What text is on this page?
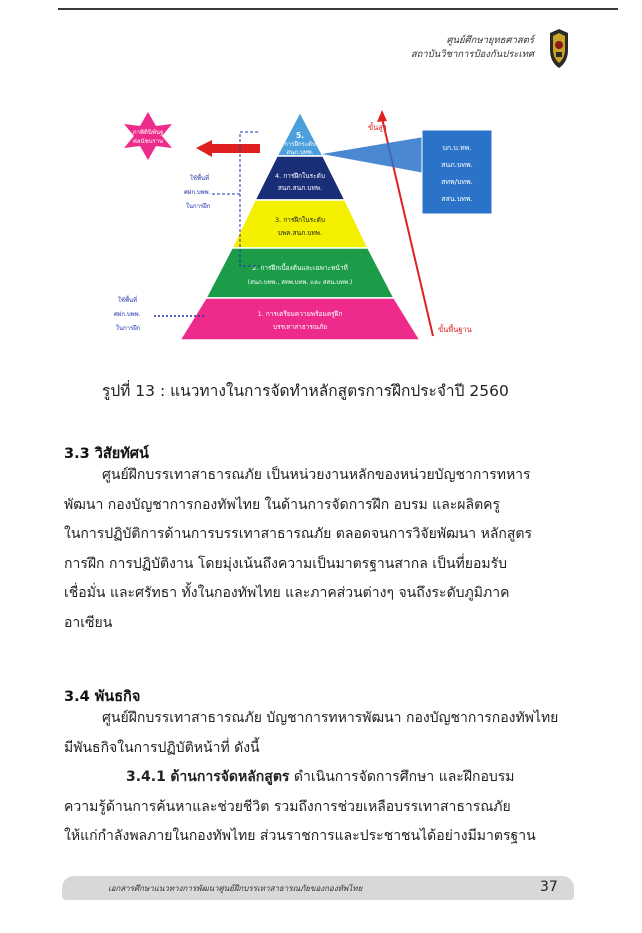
ศูนย์ศึกษายุทธศาสตร์
สถาบันวิชาการป้องกันประเทศ
5.
การฝึกระดับ
สนภ.บทพ.
4. การฝึกในระดับ
สนภ.สนภ.บทพ.
3. การฝึกในระดับ
บพค.สนภ.บทพ.
2. การฝึกเบื้องต้นและเฉพาะหน้าที่
(สนภ.บทพ., สทพ.บทพ. และ สสน.บทพ.)
1. การเตรียมความพร้อมครูฝึก
บรรเทาสาธารณภัย
ขั้นสูง
ขั้นพื้นฐาน
ภาพิดินิพ้นฐ
ค่อนัชบราษ
ใช้พื้นที่
ศฝก.บพพ.
ในการฝึก
ใช้พื้นที่
ศฝก.บพพ.
ในการฝึก
บก.บ.ทพ.
สนภ.บทพ.
สทพ/บทพ.
สสน.บทพ.
รูปที่ 13 : แนวทางในการจัดทำหลักสูตรการฝึกประจำปี 2560
3.3 วิสัยทัศน์
ศูนย์ฝึกบรรเทาสาธารณภัย เป็นหน่วยงานหลักของหน่วยบัญชาการทหาร
พัฒนา กองบัญชาการกองทัพไทย ในด้านการจัดการฝึก อบรม และผลิตครู
ในการปฏิบัติการด้านการบรรเทาสาธารณภัย ตลอดจนการวิจัยพัฒนา หลักสูตร
การฝึก การปฏิบัติงาน โดยมุ่งเน้นถึงความเป็นมาตรฐานสากล เป็นที่ยอมรับ
เชื่อมั่น และศรัทธา ทั้งในกองทัพไทย และภาคส่วนต่างๆ จนถึงระดับภูมิภาค
อาเซียน
3.4 พันธกิจ
ศูนย์ฝึกบรรเทาสาธารณภัย บัญชาการทหารพัฒนา กองบัญชาการกองทัพไทย
มีพันธกิจในการปฏิบัติหน้าที่ ดังนี้
3.4.1 ด้านการจัดหลักสูตร ดำเนินการจัดการศึกษา และฝึกอบรม
ความรู้ด้านการค้นหาและช่วยชีวิต รวมถึงการช่วยเหลือบรรเทาสาธารณภัย
ให้แก่กำลังพลภายในกองทัพไทย ส่วนราชการและประชาชนได้อย่างมีมาตรฐาน
เอกสารศึกษาแนวทางการพัฒนาศูนย์ฝึกบรรเทาสาธารณภัยของกองทัพไทย	37
